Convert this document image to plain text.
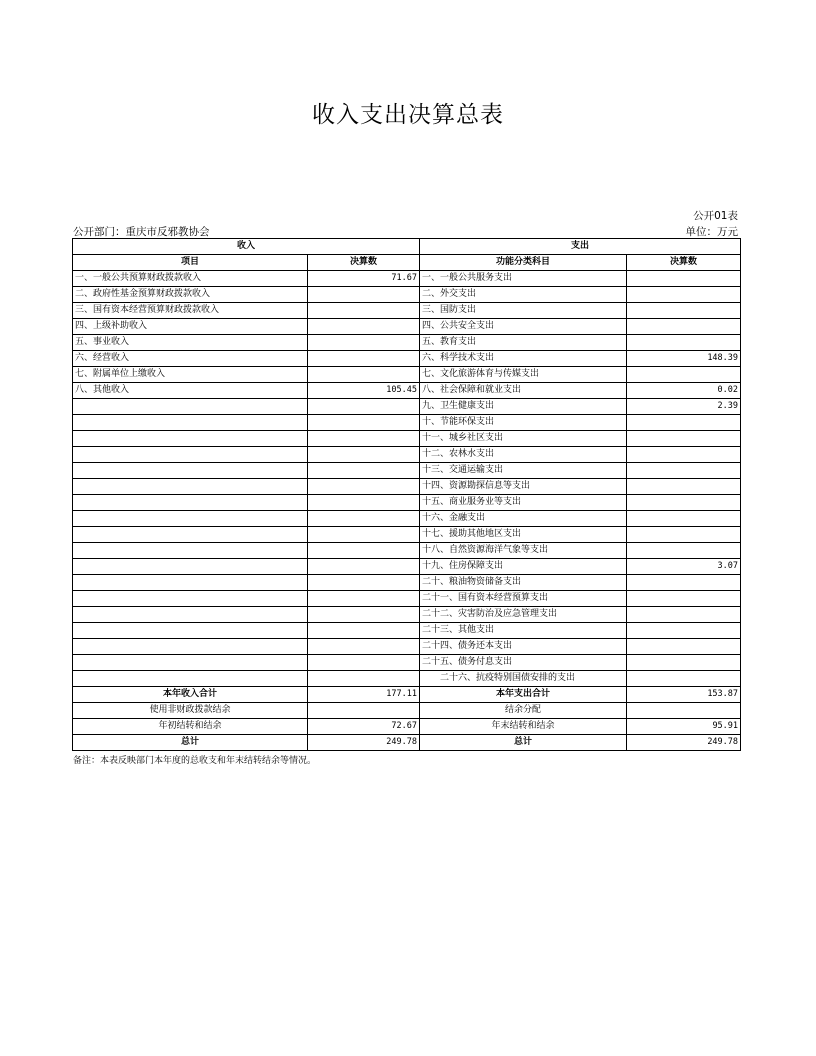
收入支出决算总表
公开01表
公开部门：重庆市反邪教协会	单位：万元
收入		支出	
项目	决算数	功能分类科目	决算数
一、一般公共预算财政拨款收入	71.67	一、一般公共服务支出	
二、政府性基金预算财政拨款收入		二、外交支出	
三、国有资本经营预算财政拨款收入		三、国防支出	
四、上级补助收入		四、公共安全支出	
五、事业收入		五、教育支出	
六、经营收入		六、科学技术支出	148.39
七、附属单位上缴收入		七、文化旅游体育与传媒支出	
八、其他收入	105.45	八、社会保障和就业支出	0.02
		九、卫生健康支出	2.39
		十、节能环保支出	
		十一、城乡社区支出	
		十二、农林水支出	
		十三、交通运输支出	
		十四、资源勘探信息等支出	
		十五、商业服务业等支出	
		十六、金融支出	
		十七、援助其他地区支出	
		十八、自然资源海洋气象等支出	
		十九、住房保障支出	3.07
		二十、粮油物资储备支出	
		二十一、国有资本经营预算支出	
		二十二、灾害防治及应急管理支出	
		二十三、其他支出	
		二十四、债务还本支出	
		二十五、债务付息支出	
		二十六、抗疫特别国债安排的支出	
本年收入合计	177.11	本年支出合计	153.87
使用非财政拨款结余		结余分配	
年初结转和结余	72.67	年末结转和结余	95.91
总计	249.78	总计	249.78
备注：本表反映部门本年度的总收支和年末结转结余等情况。
